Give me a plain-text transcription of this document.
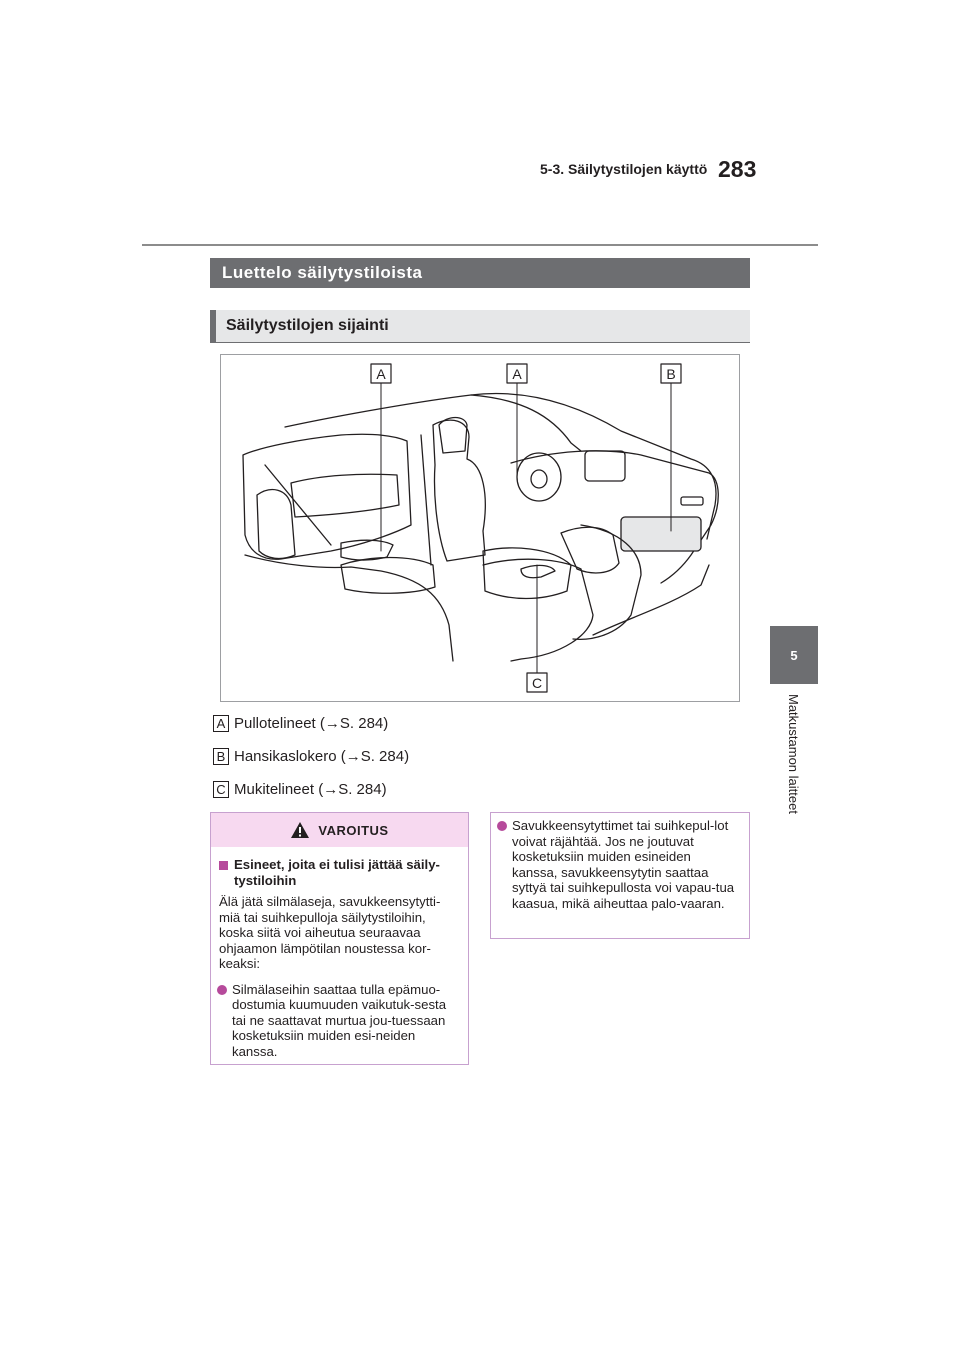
5-3. Säilytystilojen käyttö 283
5
Matkustamon laitteet
Luettelo säilytystiloista
Säilytystilojen sijainti
A	A	B
C
A Pullotelineet (→S. 284)
B Hansikaslokero (→S. 284)
C Mukitelineet (→S. 284)
VAROITUS
Esineet, joita ei tulisi jättää säily-tystiloihin
Älä jätä silmälaseja, savukkeensytytti-miä tai suihkepulloja säilytystiloihin, koska siitä voi aiheutua seuraavaa ohjaamon lämpötilan noustessa kor-keaksi:
Silmälaseihin saattaa tulla epämuo-dostumia kuumuuden vaikutuk-sesta tai ne saattavat murtua jou-tuessaan kosketuksiin muiden esi-neiden kanssa.
Savukkeensytyttimet tai suihkepul-lot voivat räjähtää. Jos ne joutuvat kosketuksiin muiden esineiden kanssa, savukkeensytytin saattaa syttyä tai suihkepullosta voi vapau-tua kaasua, mikä aiheuttaa palo-vaaran.
